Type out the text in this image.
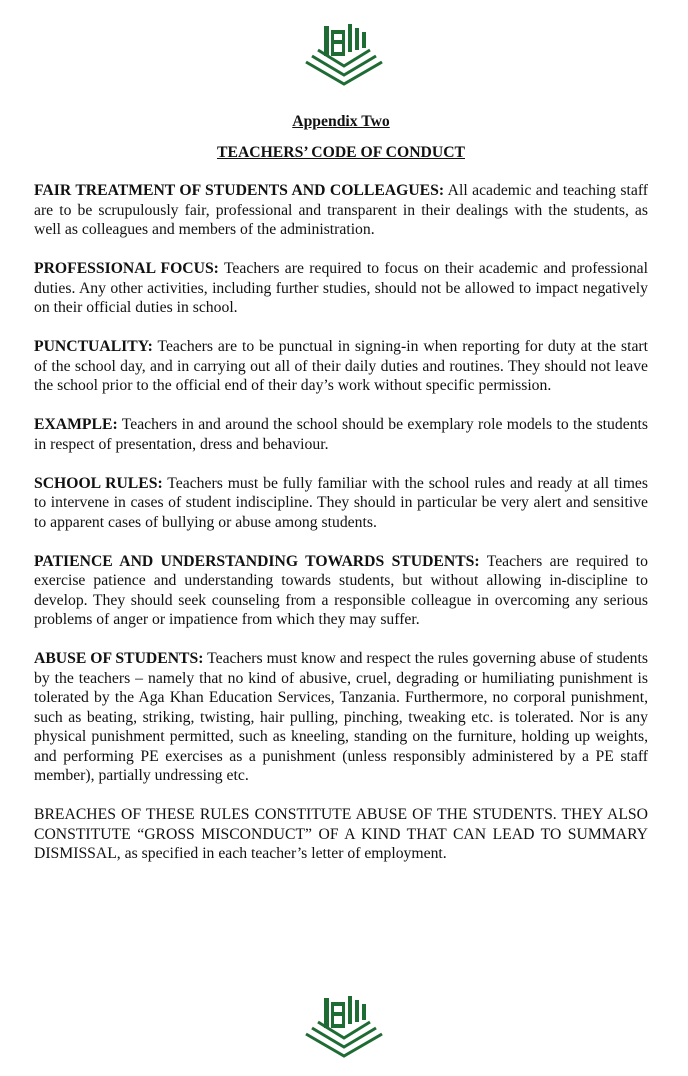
Appendix Two
TEACHERS’ CODE OF CONDUCT

FAIR TREATMENT OF STUDENTS AND COLLEAGUES: All academic and teaching staff are to be scrupulously fair, professional and transparent in their dealings with the students, as well as colleagues and members of the administration.

PROFESSIONAL FOCUS: Teachers are required to focus on their academic and professional duties. Any other activities, including further studies, should not be allowed to impact negatively on their official duties in school.

PUNCTUALITY: Teachers are to be punctual in signing-in when reporting for duty at the start of the school day, and in carrying out all of their daily duties and routines. They should not leave the school prior to the official end of their day’s work without specific permission.

EXAMPLE: Teachers in and around the school should be exemplary role models to the students in respect of presentation, dress and behaviour.

SCHOOL RULES: Teachers must be fully familiar with the school rules and ready at all times to intervene in cases of student indiscipline. They should in particular be very alert and sensitive to apparent cases of bullying or abuse among students.

PATIENCE AND UNDERSTANDING TOWARDS STUDENTS: Teachers are required to exercise patience and understanding towards students, but without allowing in-discipline to develop. They should seek counseling from a responsible colleague in overcoming any serious problems of anger or impatience from which they may suffer.

ABUSE OF STUDENTS: Teachers must know and respect the rules governing abuse of students by the teachers – namely that no kind of abusive, cruel, degrading or humiliating punishment is tolerated by the Aga Khan Education Services, Tanzania. Furthermore, no corporal punishment, such as beating, striking, twisting, hair pulling, pinching, tweaking etc. is tolerated. Nor is any physical punishment permitted, such as kneeling, standing on the furniture, holding up weights, and performing PE exercises as a punishment (unless responsibly administered by a PE staff member), partially undressing etc.

BREACHES OF THESE RULES CONSTITUTE ABUSE OF THE STUDENTS. THEY ALSO CONSTITUTE “GROSS MISCONDUCT” OF A KIND THAT CAN LEAD TO SUMMARY DISMISSAL, as specified in each teacher’s letter of employment.
